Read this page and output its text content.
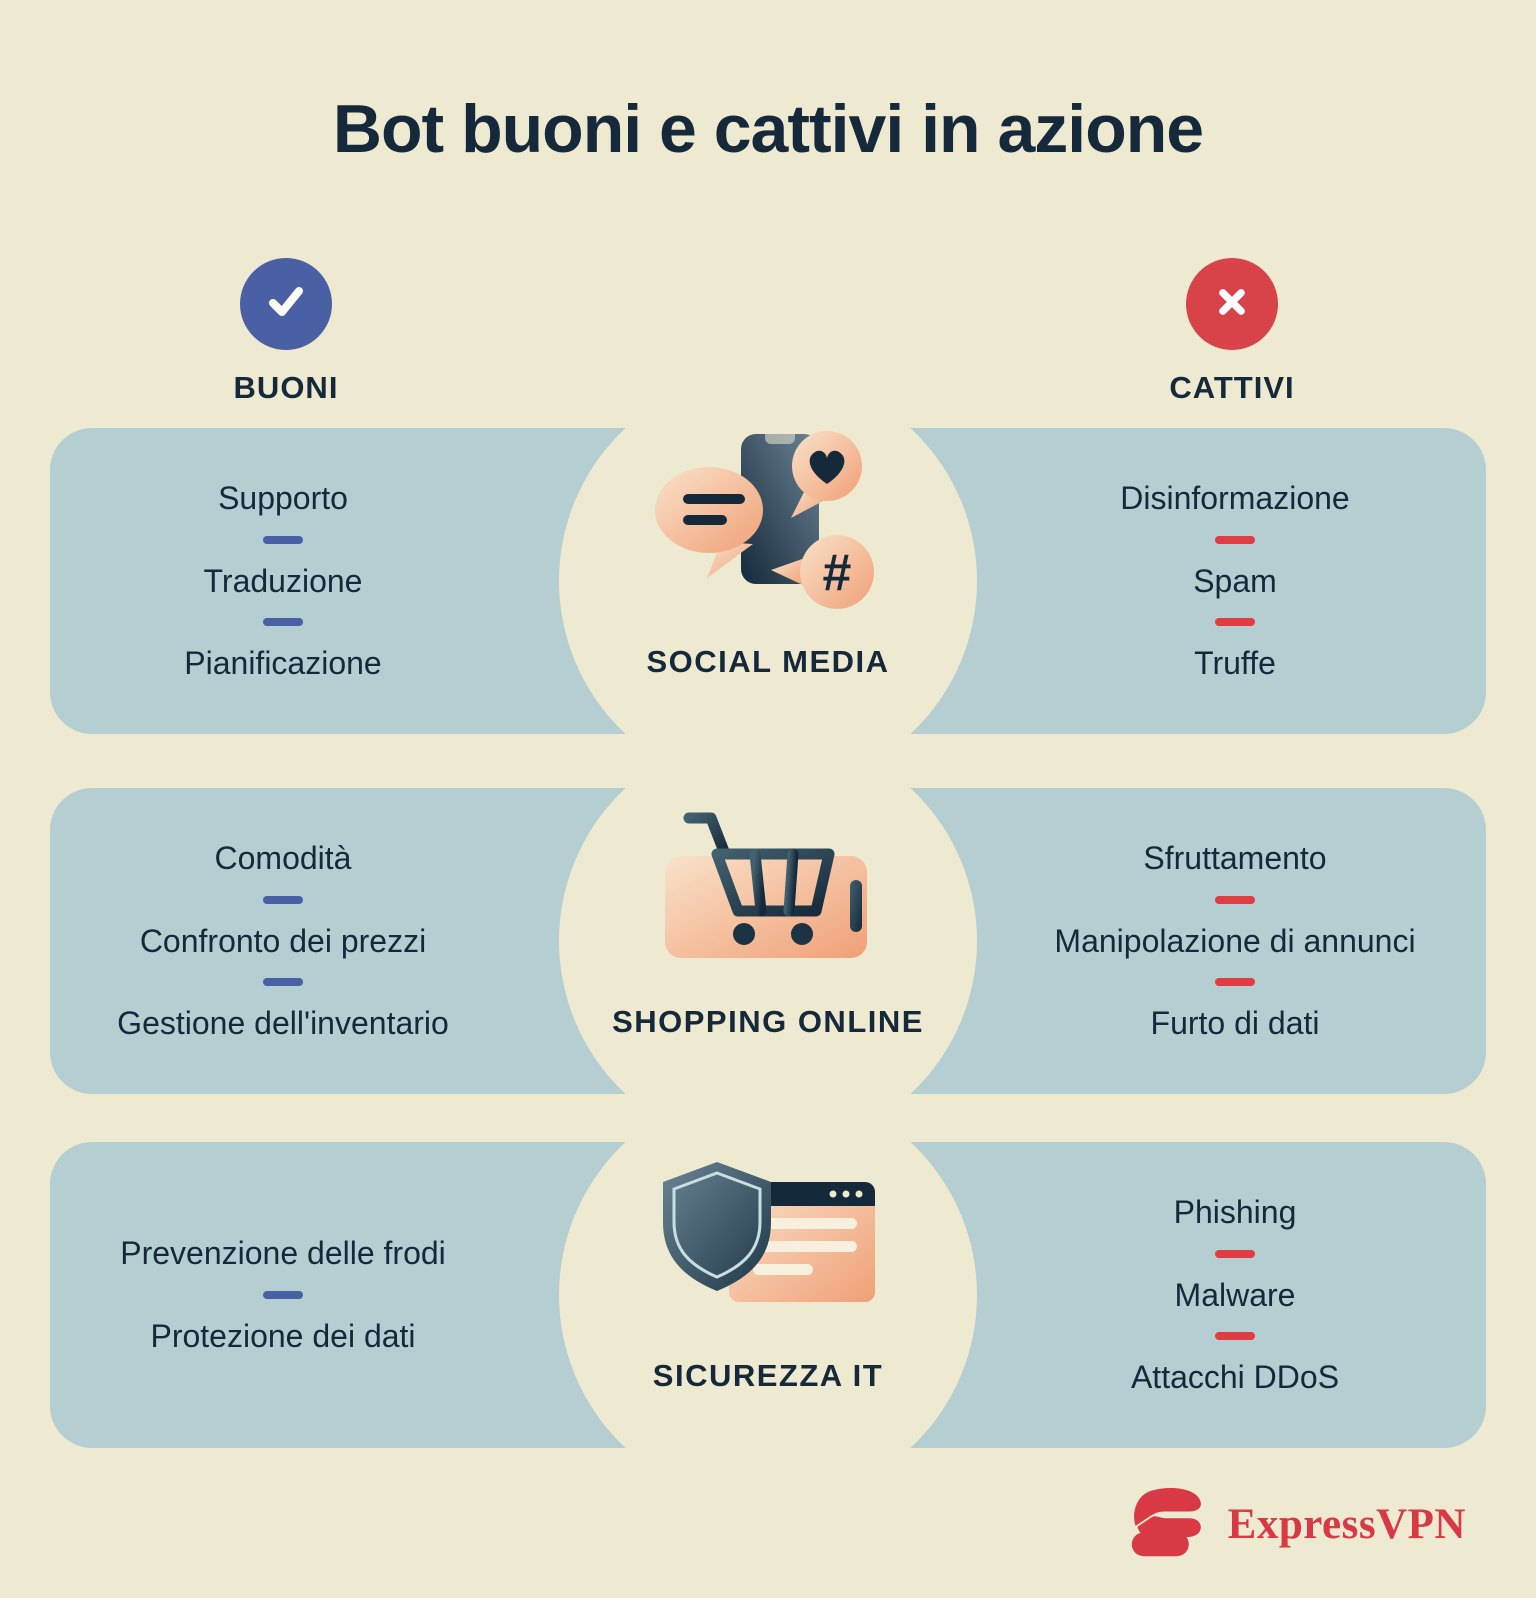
Bot buoni e cattivi in azione
BUONI	CATTIVI
Supporto
Traduzione
Pianificazione
Disinformazione
Spam
Truffe
#
SOCIAL MEDIA
Comodità
Confronto dei prezzi
Gestione dell'inventario
Sfruttamento
Manipolazione di annunci
Furto di dati
SHOPPING ONLINE
Prevenzione delle frodi
Protezione dei dati
Phishing
Malware
Attacchi DDoS
SICUREZZA IT
ExpressVPN
